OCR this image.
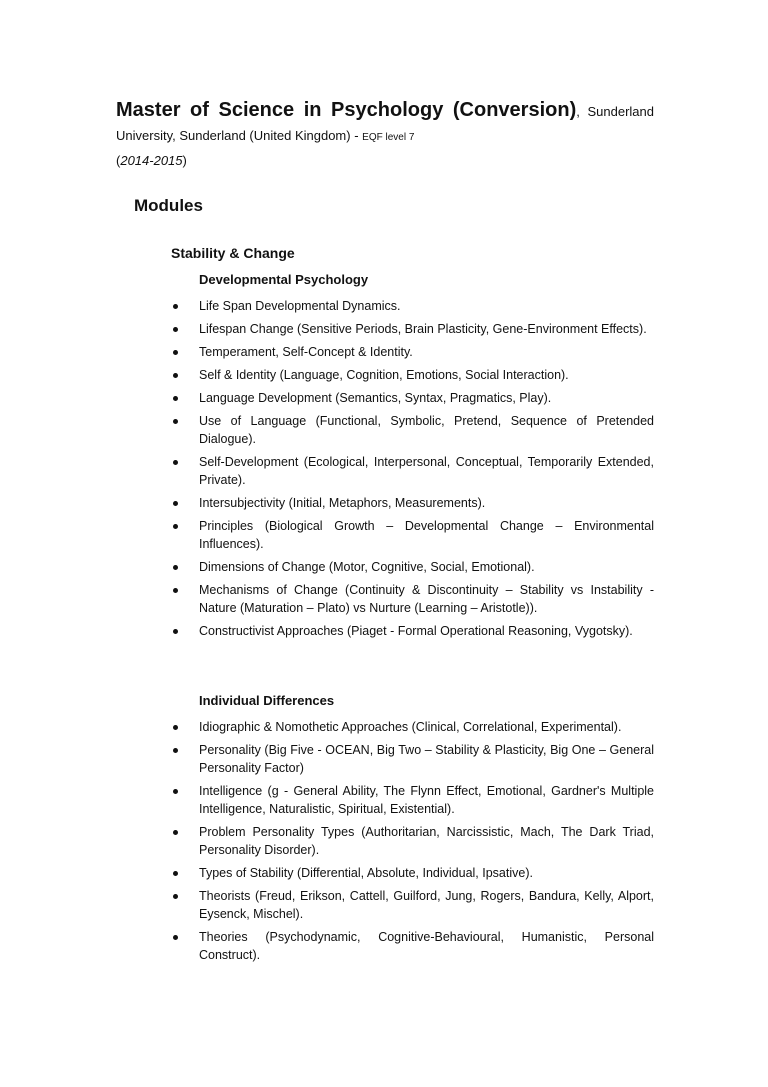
Master of Science in Psychology (Conversion), Sunderland
University, Sunderland (United Kingdom) - EQF level 7
(2014-2015)
Modules
Stability & Change
Developmental Psychology
Life Span Developmental Dynamics.
Lifespan Change (Sensitive Periods, Brain Plasticity, Gene-Environment Effects).
Temperament, Self-Concept & Identity.
Self & Identity (Language, Cognition, Emotions, Social Interaction).
Language Development (Semantics, Syntax, Pragmatics, Play).
Use of Language (Functional, Symbolic, Pretend, Sequence of Pretended Dialogue).
Self-Development (Ecological, Interpersonal, Conceptual, Temporarily Extended, Private).
Intersubjectivity (Initial, Metaphors, Measurements).
Principles (Biological Growth – Developmental Change – Environmental Influences).
Dimensions of Change (Motor, Cognitive, Social, Emotional).
Mechanisms of Change (Continuity & Discontinuity – Stability vs Instability - Nature (Maturation – Plato) vs Nurture (Learning – Aristotle)).
Constructivist Approaches (Piaget - Formal Operational Reasoning, Vygotsky).
Individual Differences
Idiographic & Nomothetic Approaches (Clinical, Correlational, Experimental).
Personality (Big Five - OCEAN, Big Two – Stability & Plasticity, Big One – General Personality Factor)
Intelligence (g - General Ability, The Flynn Effect, Emotional, Gardner's Multiple Intelligence, Naturalistic, Spiritual, Existential).
Problem Personality Types (Authoritarian, Narcissistic, Mach, The Dark Triad, Personality Disorder).
Types of Stability (Differential, Absolute, Individual, Ipsative).
Theorists (Freud, Erikson, Cattell, Guilford, Jung, Rogers, Bandura, Kelly, Alport, Eysenck, Mischel).
Theories (Psychodynamic, Cognitive-Behavioural, Humanistic, Personal Construct).
